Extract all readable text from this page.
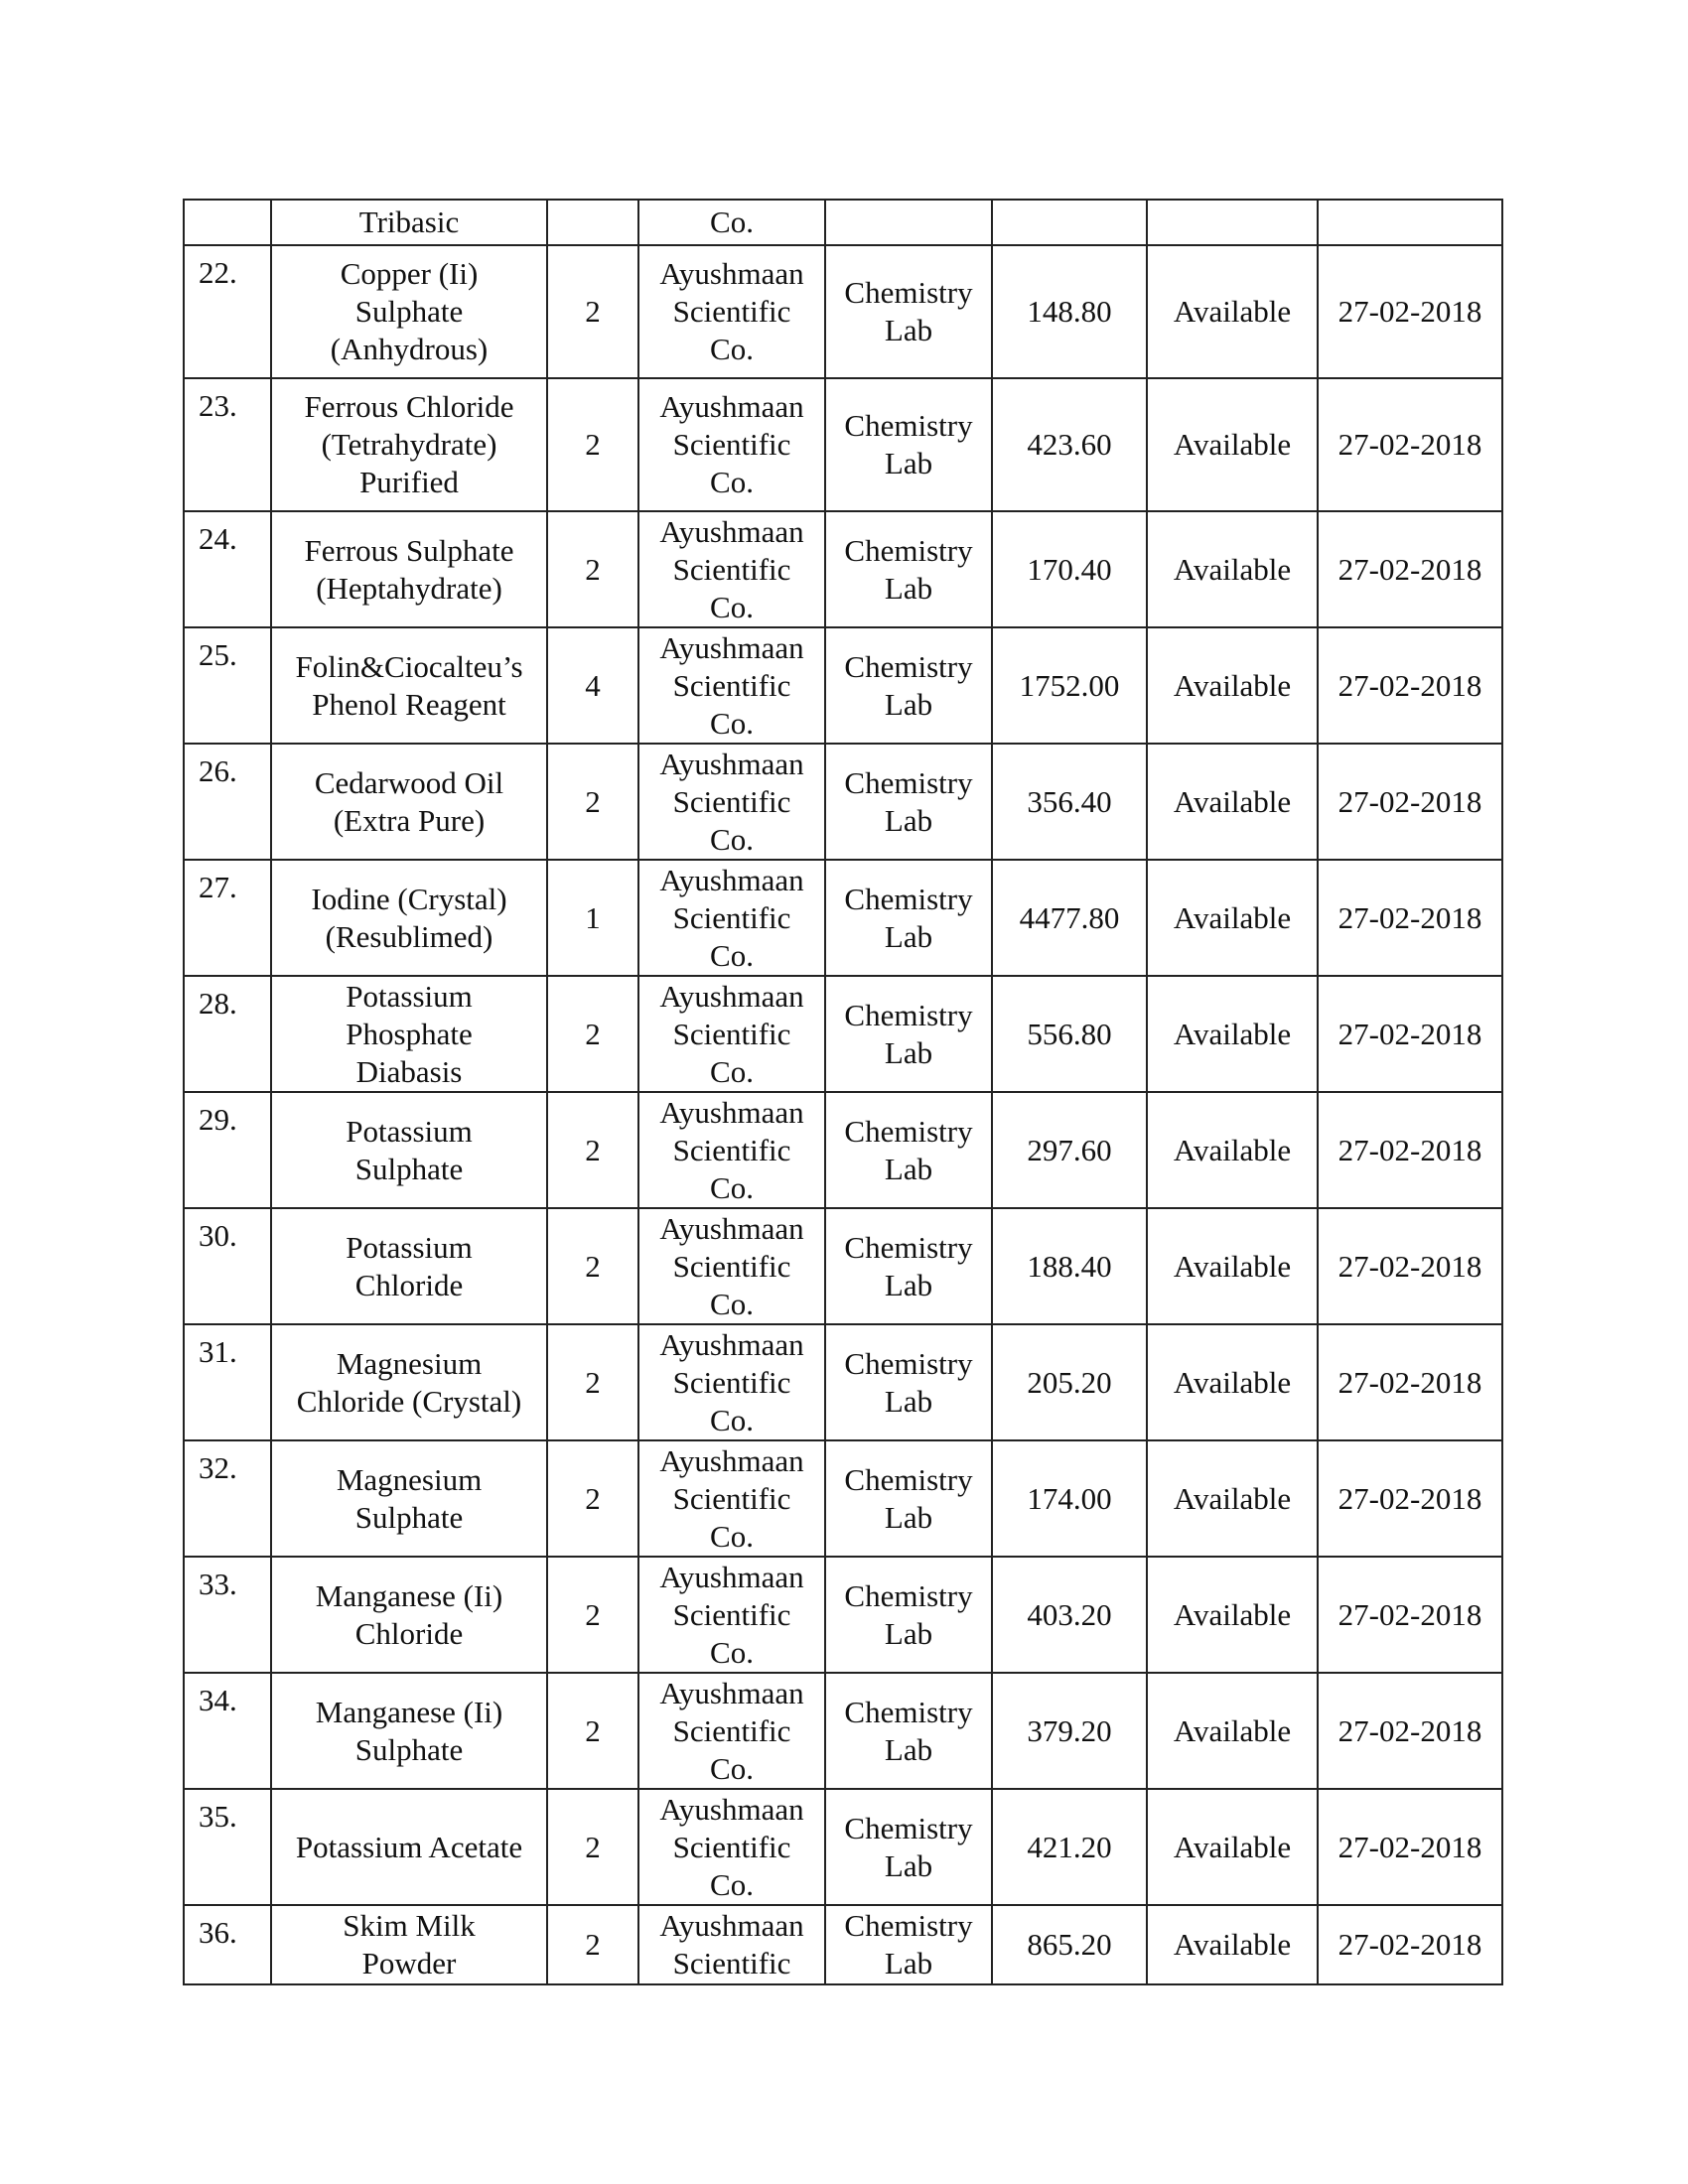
	Tribasic		Co.				
22.	Copper (Ii)
Sulphate
(Anhydrous)	2	Ayushmaan
Scientific
Co.	Chemistry
Lab	148.80	Available	27-02-2018
23.	Ferrous Chloride
(Tetrahydrate)
Purified	2	Ayushmaan
Scientific
Co.	Chemistry
Lab	423.60	Available	27-02-2018
24.	Ferrous Sulphate
(Heptahydrate)	2	Ayushmaan
Scientific
Co.	Chemistry
Lab	170.40	Available	27-02-2018
25.	Folin&Ciocalteu’s
Phenol Reagent	4	Ayushmaan
Scientific
Co.	Chemistry
Lab	1752.00	Available	27-02-2018
26.	Cedarwood Oil
(Extra Pure)	2	Ayushmaan
Scientific
Co.	Chemistry
Lab	356.40	Available	27-02-2018
27.	Iodine (Crystal)
(Resublimed)	1	Ayushmaan
Scientific
Co.	Chemistry
Lab	4477.80	Available	27-02-2018
28.	Potassium
Phosphate
Diabasis	2	Ayushmaan
Scientific
Co.	Chemistry
Lab	556.80	Available	27-02-2018
29.	Potassium
Sulphate	2	Ayushmaan
Scientific
Co.	Chemistry
Lab	297.60	Available	27-02-2018
30.	Potassium
Chloride	2	Ayushmaan
Scientific
Co.	Chemistry
Lab	188.40	Available	27-02-2018
31.	Magnesium
Chloride (Crystal)	2	Ayushmaan
Scientific
Co.	Chemistry
Lab	205.20	Available	27-02-2018
32.	Magnesium
Sulphate	2	Ayushmaan
Scientific
Co.	Chemistry
Lab	174.00	Available	27-02-2018
33.	Manganese (Ii)
Chloride	2	Ayushmaan
Scientific
Co.	Chemistry
Lab	403.20	Available	27-02-2018
34.	Manganese (Ii)
Sulphate	2	Ayushmaan
Scientific
Co.	Chemistry
Lab	379.20	Available	27-02-2018
35.	Potassium Acetate	2	Ayushmaan
Scientific
Co.	Chemistry
Lab	421.20	Available	27-02-2018
36.	Skim Milk
Powder	2	Ayushmaan
Scientific	Chemistry
Lab	865.20	Available	27-02-2018
